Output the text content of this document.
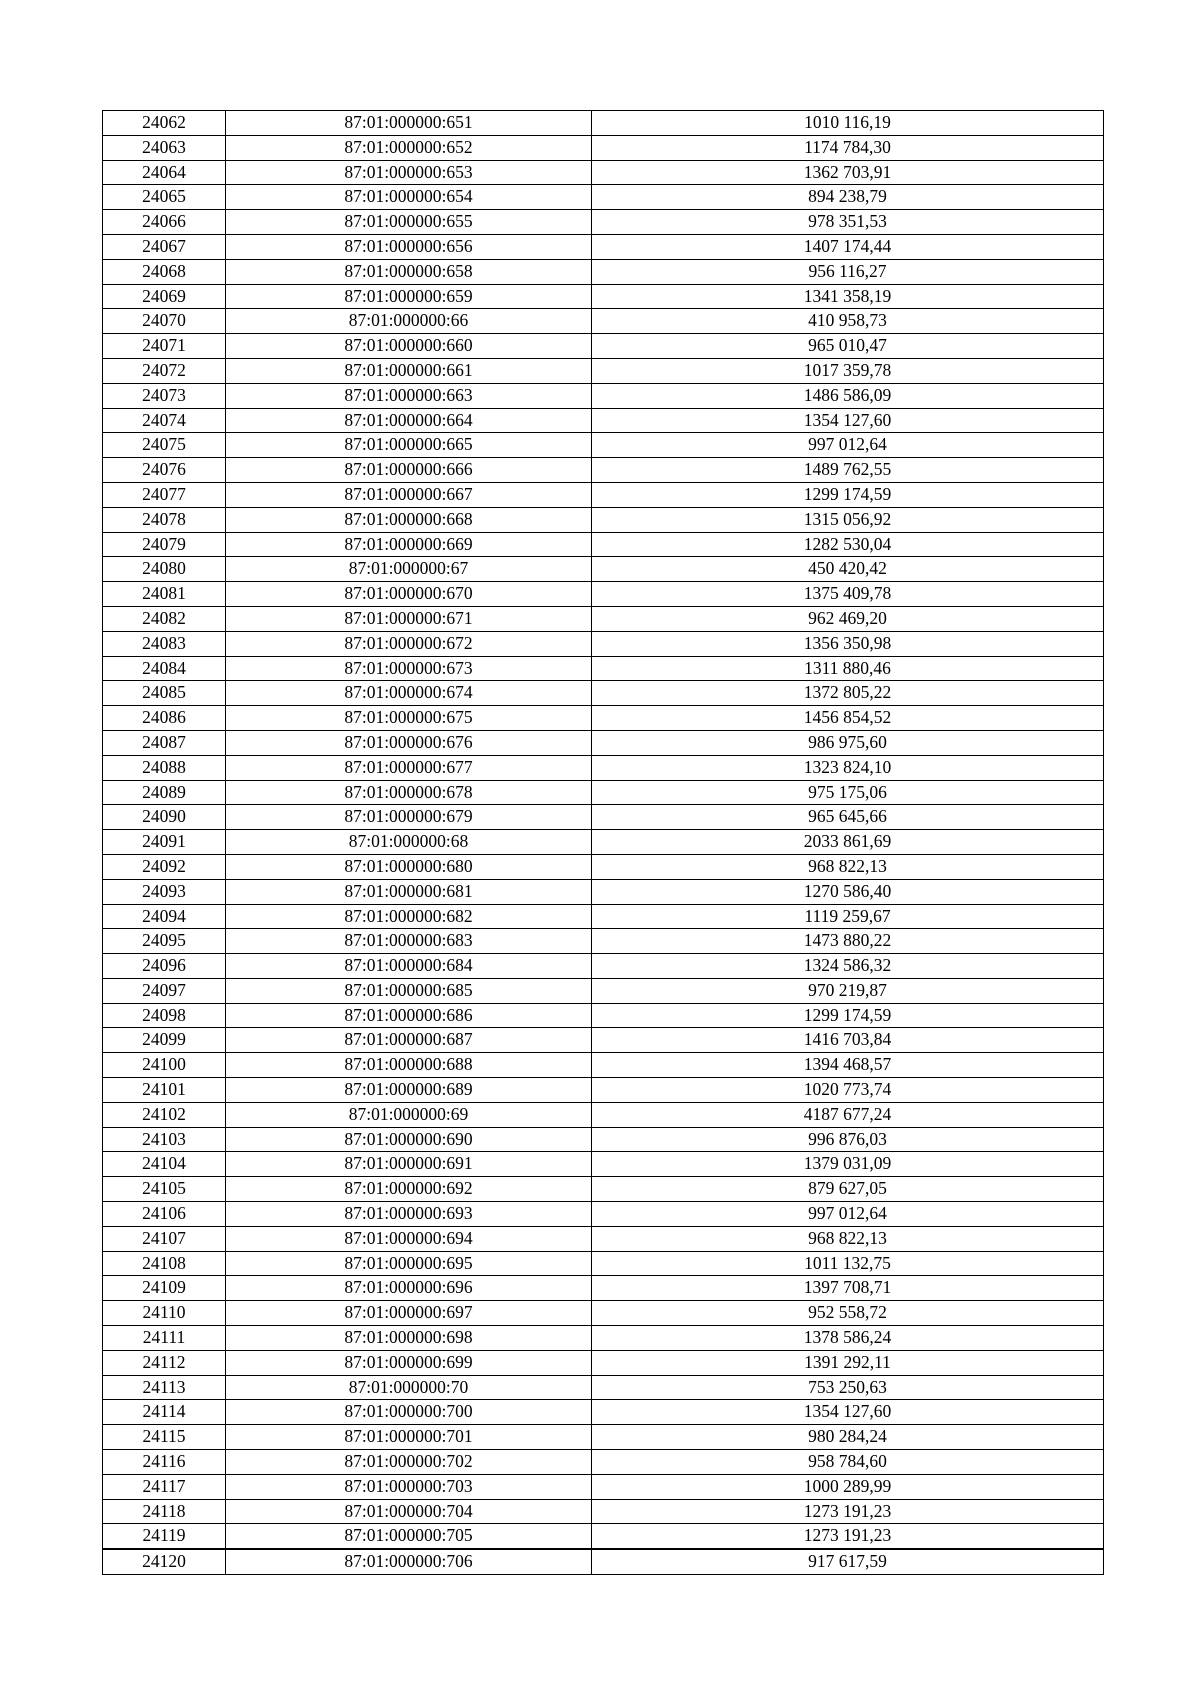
24062	87:01:000000:651	1010 116,19
24063	87:01:000000:652	1174 784,30
24064	87:01:000000:653	1362 703,91
24065	87:01:000000:654	894 238,79
24066	87:01:000000:655	978 351,53
24067	87:01:000000:656	1407 174,44
24068	87:01:000000:658	956 116,27
24069	87:01:000000:659	1341 358,19
24070	87:01:000000:66	410 958,73
24071	87:01:000000:660	965 010,47
24072	87:01:000000:661	1017 359,78
24073	87:01:000000:663	1486 586,09
24074	87:01:000000:664	1354 127,60
24075	87:01:000000:665	997 012,64
24076	87:01:000000:666	1489 762,55
24077	87:01:000000:667	1299 174,59
24078	87:01:000000:668	1315 056,92
24079	87:01:000000:669	1282 530,04
24080	87:01:000000:67	450 420,42
24081	87:01:000000:670	1375 409,78
24082	87:01:000000:671	962 469,20
24083	87:01:000000:672	1356 350,98
24084	87:01:000000:673	1311 880,46
24085	87:01:000000:674	1372 805,22
24086	87:01:000000:675	1456 854,52
24087	87:01:000000:676	986 975,60
24088	87:01:000000:677	1323 824,10
24089	87:01:000000:678	975 175,06
24090	87:01:000000:679	965 645,66
24091	87:01:000000:68	2033 861,69
24092	87:01:000000:680	968 822,13
24093	87:01:000000:681	1270 586,40
24094	87:01:000000:682	1119 259,67
24095	87:01:000000:683	1473 880,22
24096	87:01:000000:684	1324 586,32
24097	87:01:000000:685	970 219,87
24098	87:01:000000:686	1299 174,59
24099	87:01:000000:687	1416 703,84
24100	87:01:000000:688	1394 468,57
24101	87:01:000000:689	1020 773,74
24102	87:01:000000:69	4187 677,24
24103	87:01:000000:690	996 876,03
24104	87:01:000000:691	1379 031,09
24105	87:01:000000:692	879 627,05
24106	87:01:000000:693	997 012,64
24107	87:01:000000:694	968 822,13
24108	87:01:000000:695	1011 132,75
24109	87:01:000000:696	1397 708,71
24110	87:01:000000:697	952 558,72
24111	87:01:000000:698	1378 586,24
24112	87:01:000000:699	1391 292,11
24113	87:01:000000:70	753 250,63
24114	87:01:000000:700	1354 127,60
24115	87:01:000000:701	980 284,24
24116	87:01:000000:702	958 784,60
24117	87:01:000000:703	1000 289,99
24118	87:01:000000:704	1273 191,23
24119	87:01:000000:705	1273 191,23
24120	87:01:000000:706	917 617,59
